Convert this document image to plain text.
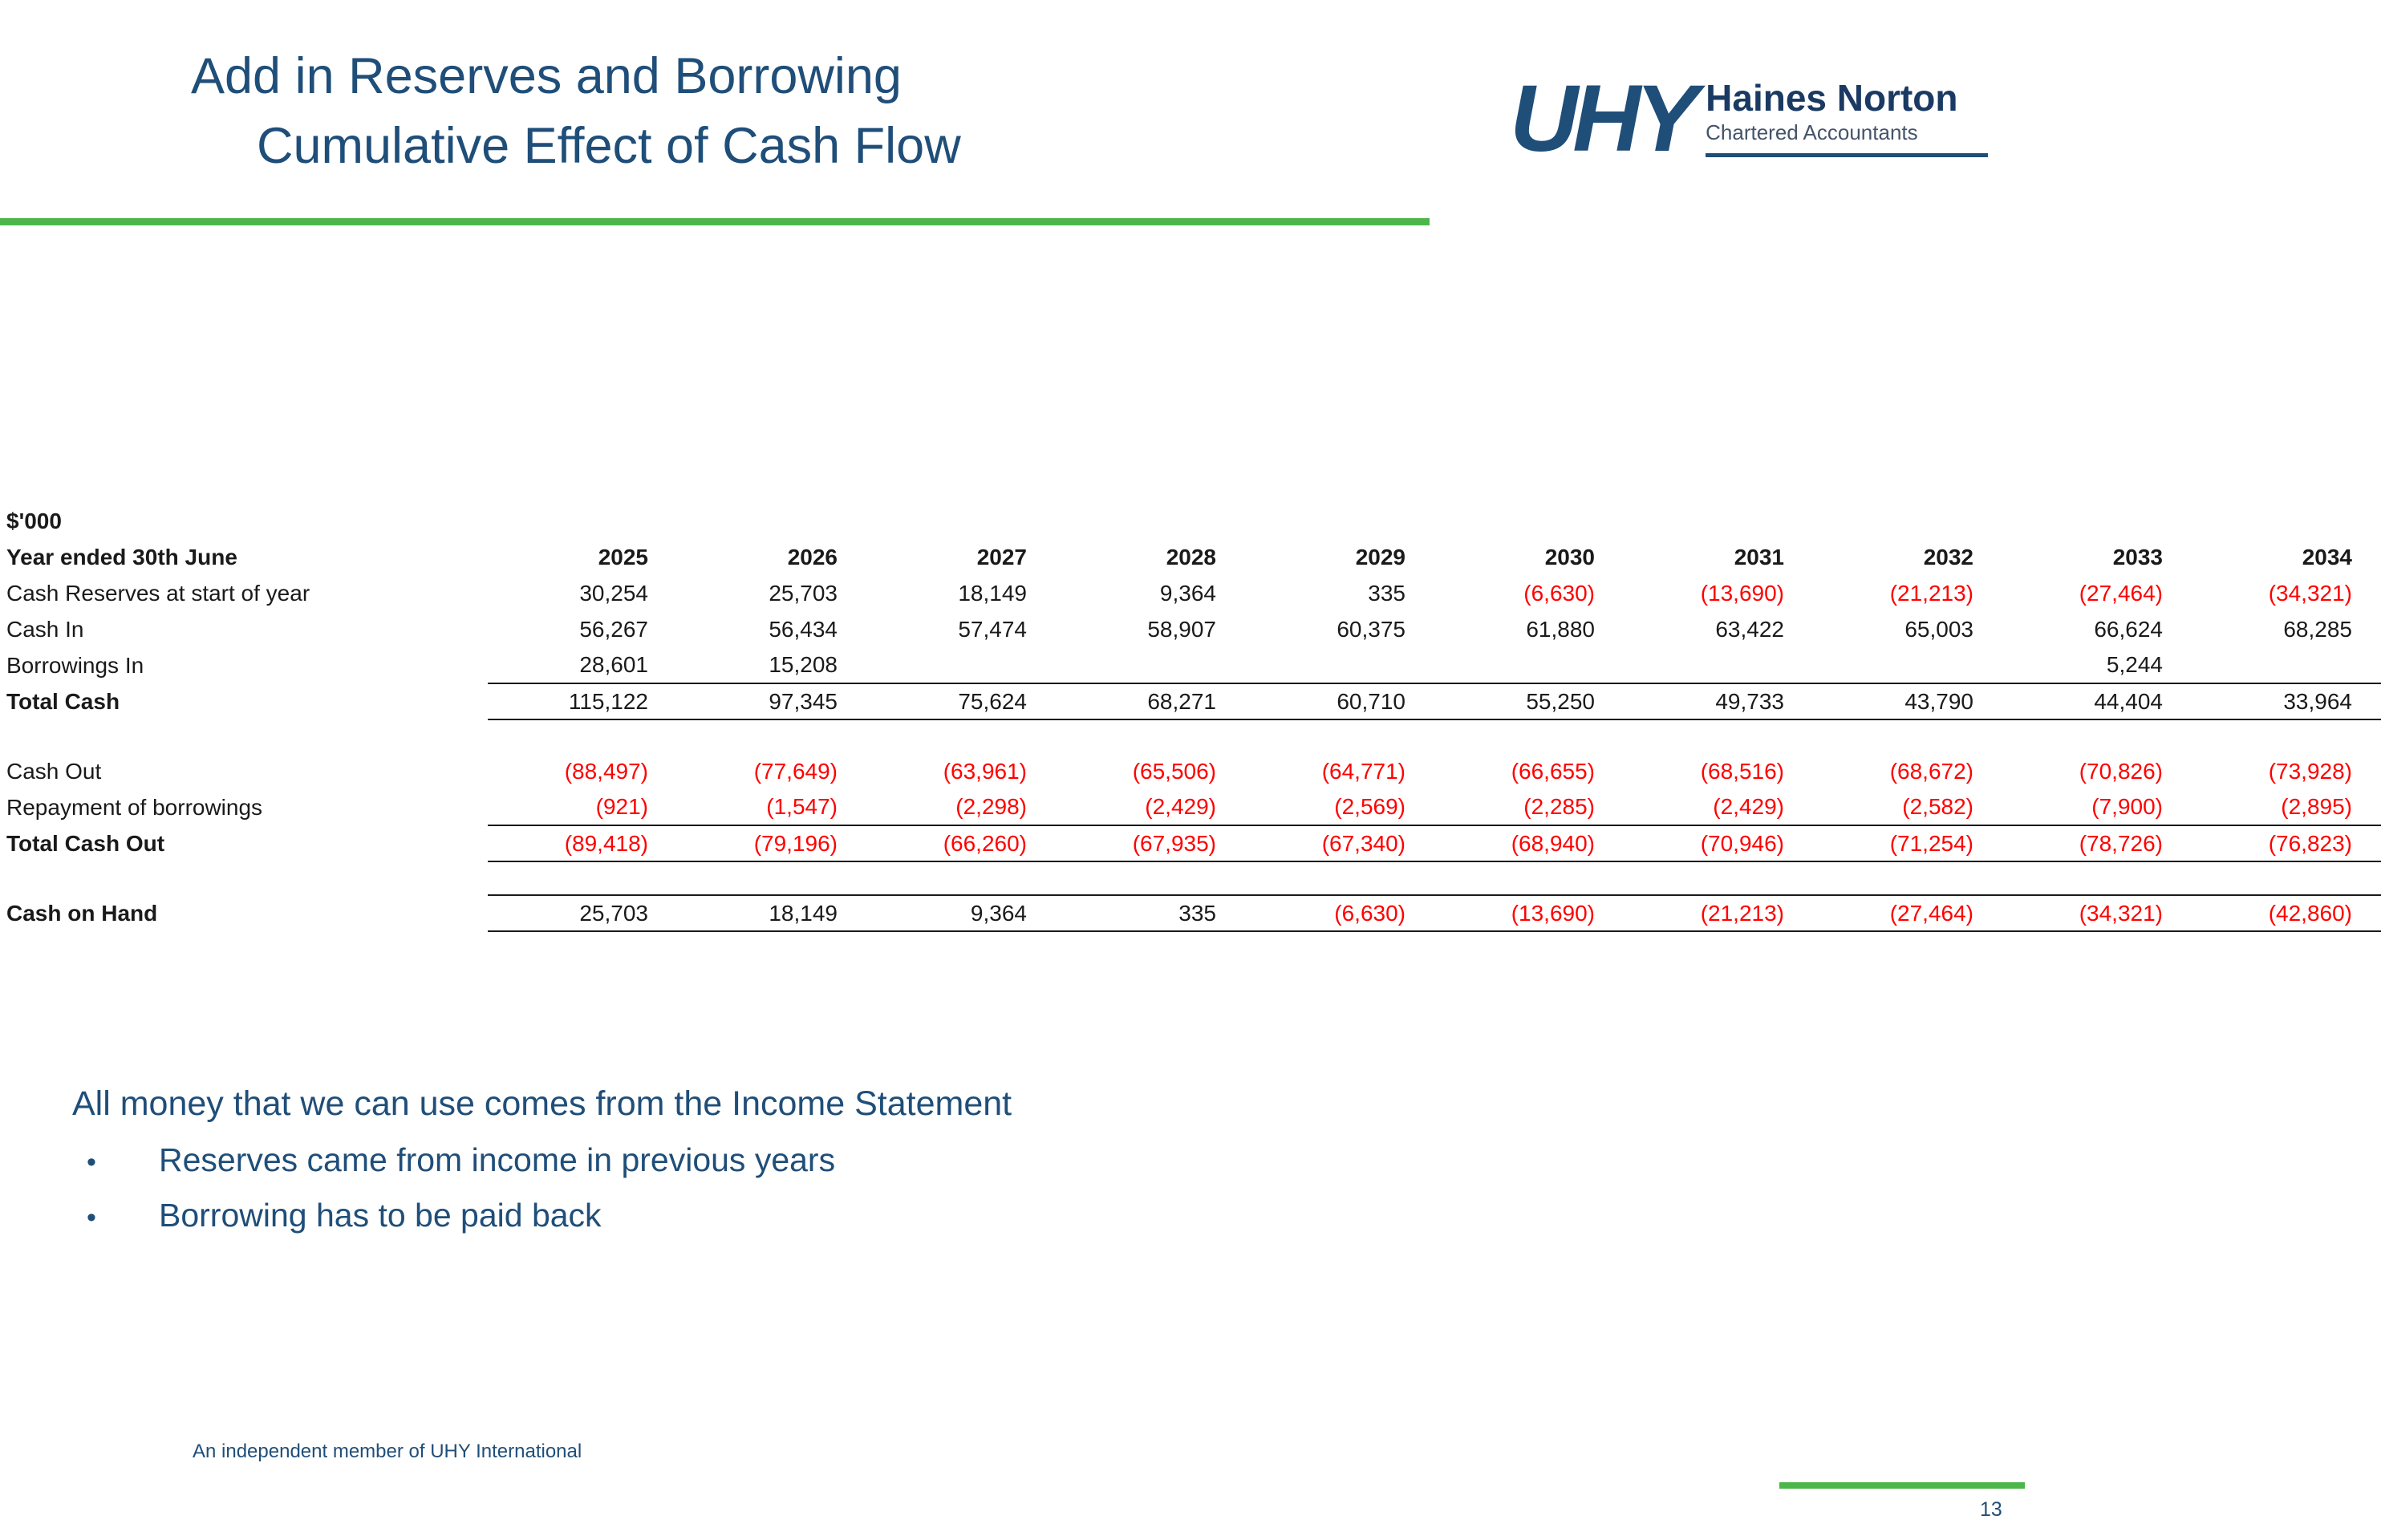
Add in Reserves and Borrowing
Cumulative Effect of Cash Flow	UHY Haines Norton
Chartered Accountants
$'000
Year ended 30th June	2025	2026	2027	2028	2029	2030	2031	2032	2033	2034
Cash Reserves at start of year	30,254	25,703	18,149	9,364	335	(6,630)	(13,690)	(21,213)	(27,464)	(34,321)
Cash In	56,267	56,434	57,474	58,907	60,375	61,880	63,422	65,003	66,624	68,285
Borrowings In	28,601	15,208							5,244	
Total Cash	115,122	97,345	75,624	68,271	60,710	55,250	49,733	43,790	44,404	33,964

Cash Out	(88,497)	(77,649)	(63,961)	(65,506)	(64,771)	(66,655)	(68,516)	(68,672)	(70,826)	(73,928)
Repayment of borrowings	(921)	(1,547)	(2,298)	(2,429)	(2,569)	(2,285)	(2,429)	(2,582)	(7,900)	(2,895)
Total Cash Out	(89,418)	(79,196)	(66,260)	(67,935)	(67,340)	(68,940)	(70,946)	(71,254)	(78,726)	(76,823)

Cash on Hand	25,703	18,149	9,364	335	(6,630)	(13,690)	(21,213)	(27,464)	(34,321)	(42,860)
All money that we can use comes from the Income Statement
•	Reserves came from income in previous years
•	Borrowing has to be paid back
An independent member of UHY International
13
